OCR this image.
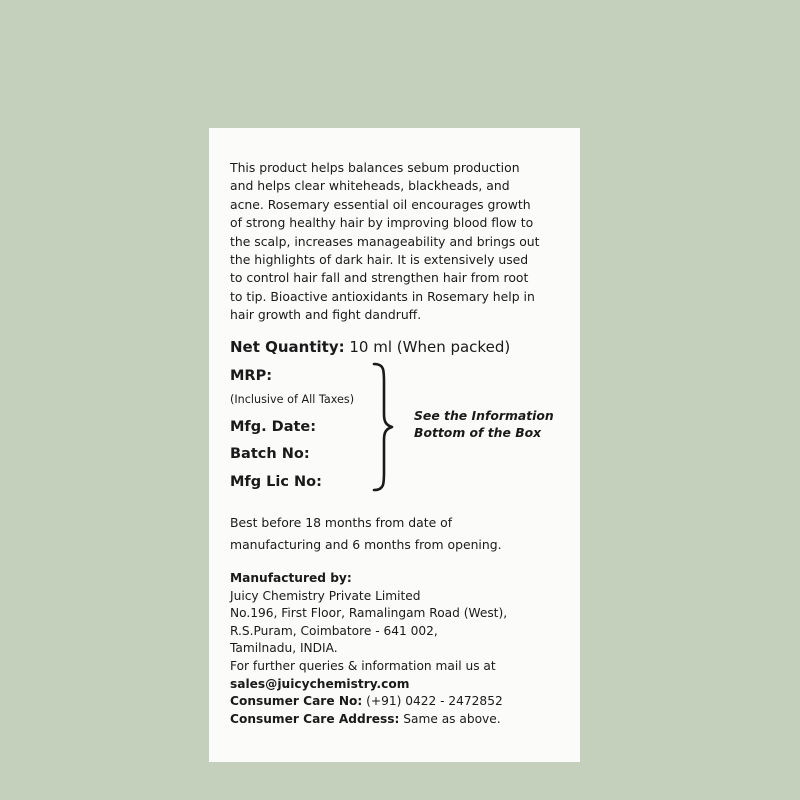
This product helps balances sebum production
and helps clear whiteheads, blackheads, and
acne. Rosemary essential oil encourages growth
of strong healthy hair by improving blood flow to
the scalp, increases manageability and brings out
the highlights of dark hair. It is extensively used
to control hair fall and strengthen hair from root
to tip. Bioactive antioxidants in Rosemary help in
hair growth and fight dandruff.

Net Quantity: 10 ml (When packed)

MRP:

(Inclusive of All Taxes)

Mfg. Date:

Batch No:

Mfg Lic No:

See the Information
Bottom of the Box

Best before 18 months from date of
manufacturing and 6 months from opening.

Manufactured by:
Juicy Chemistry Private Limited
No.196, First Floor, Ramalingam Road (West),
R.S.Puram, Coimbatore - 641 002,
Tamilnadu, INDIA.
For further queries & information mail us at
sales@juicychemistry.com
Consumer Care No: (+91) 0422 - 2472852
Consumer Care Address: Same as above.
